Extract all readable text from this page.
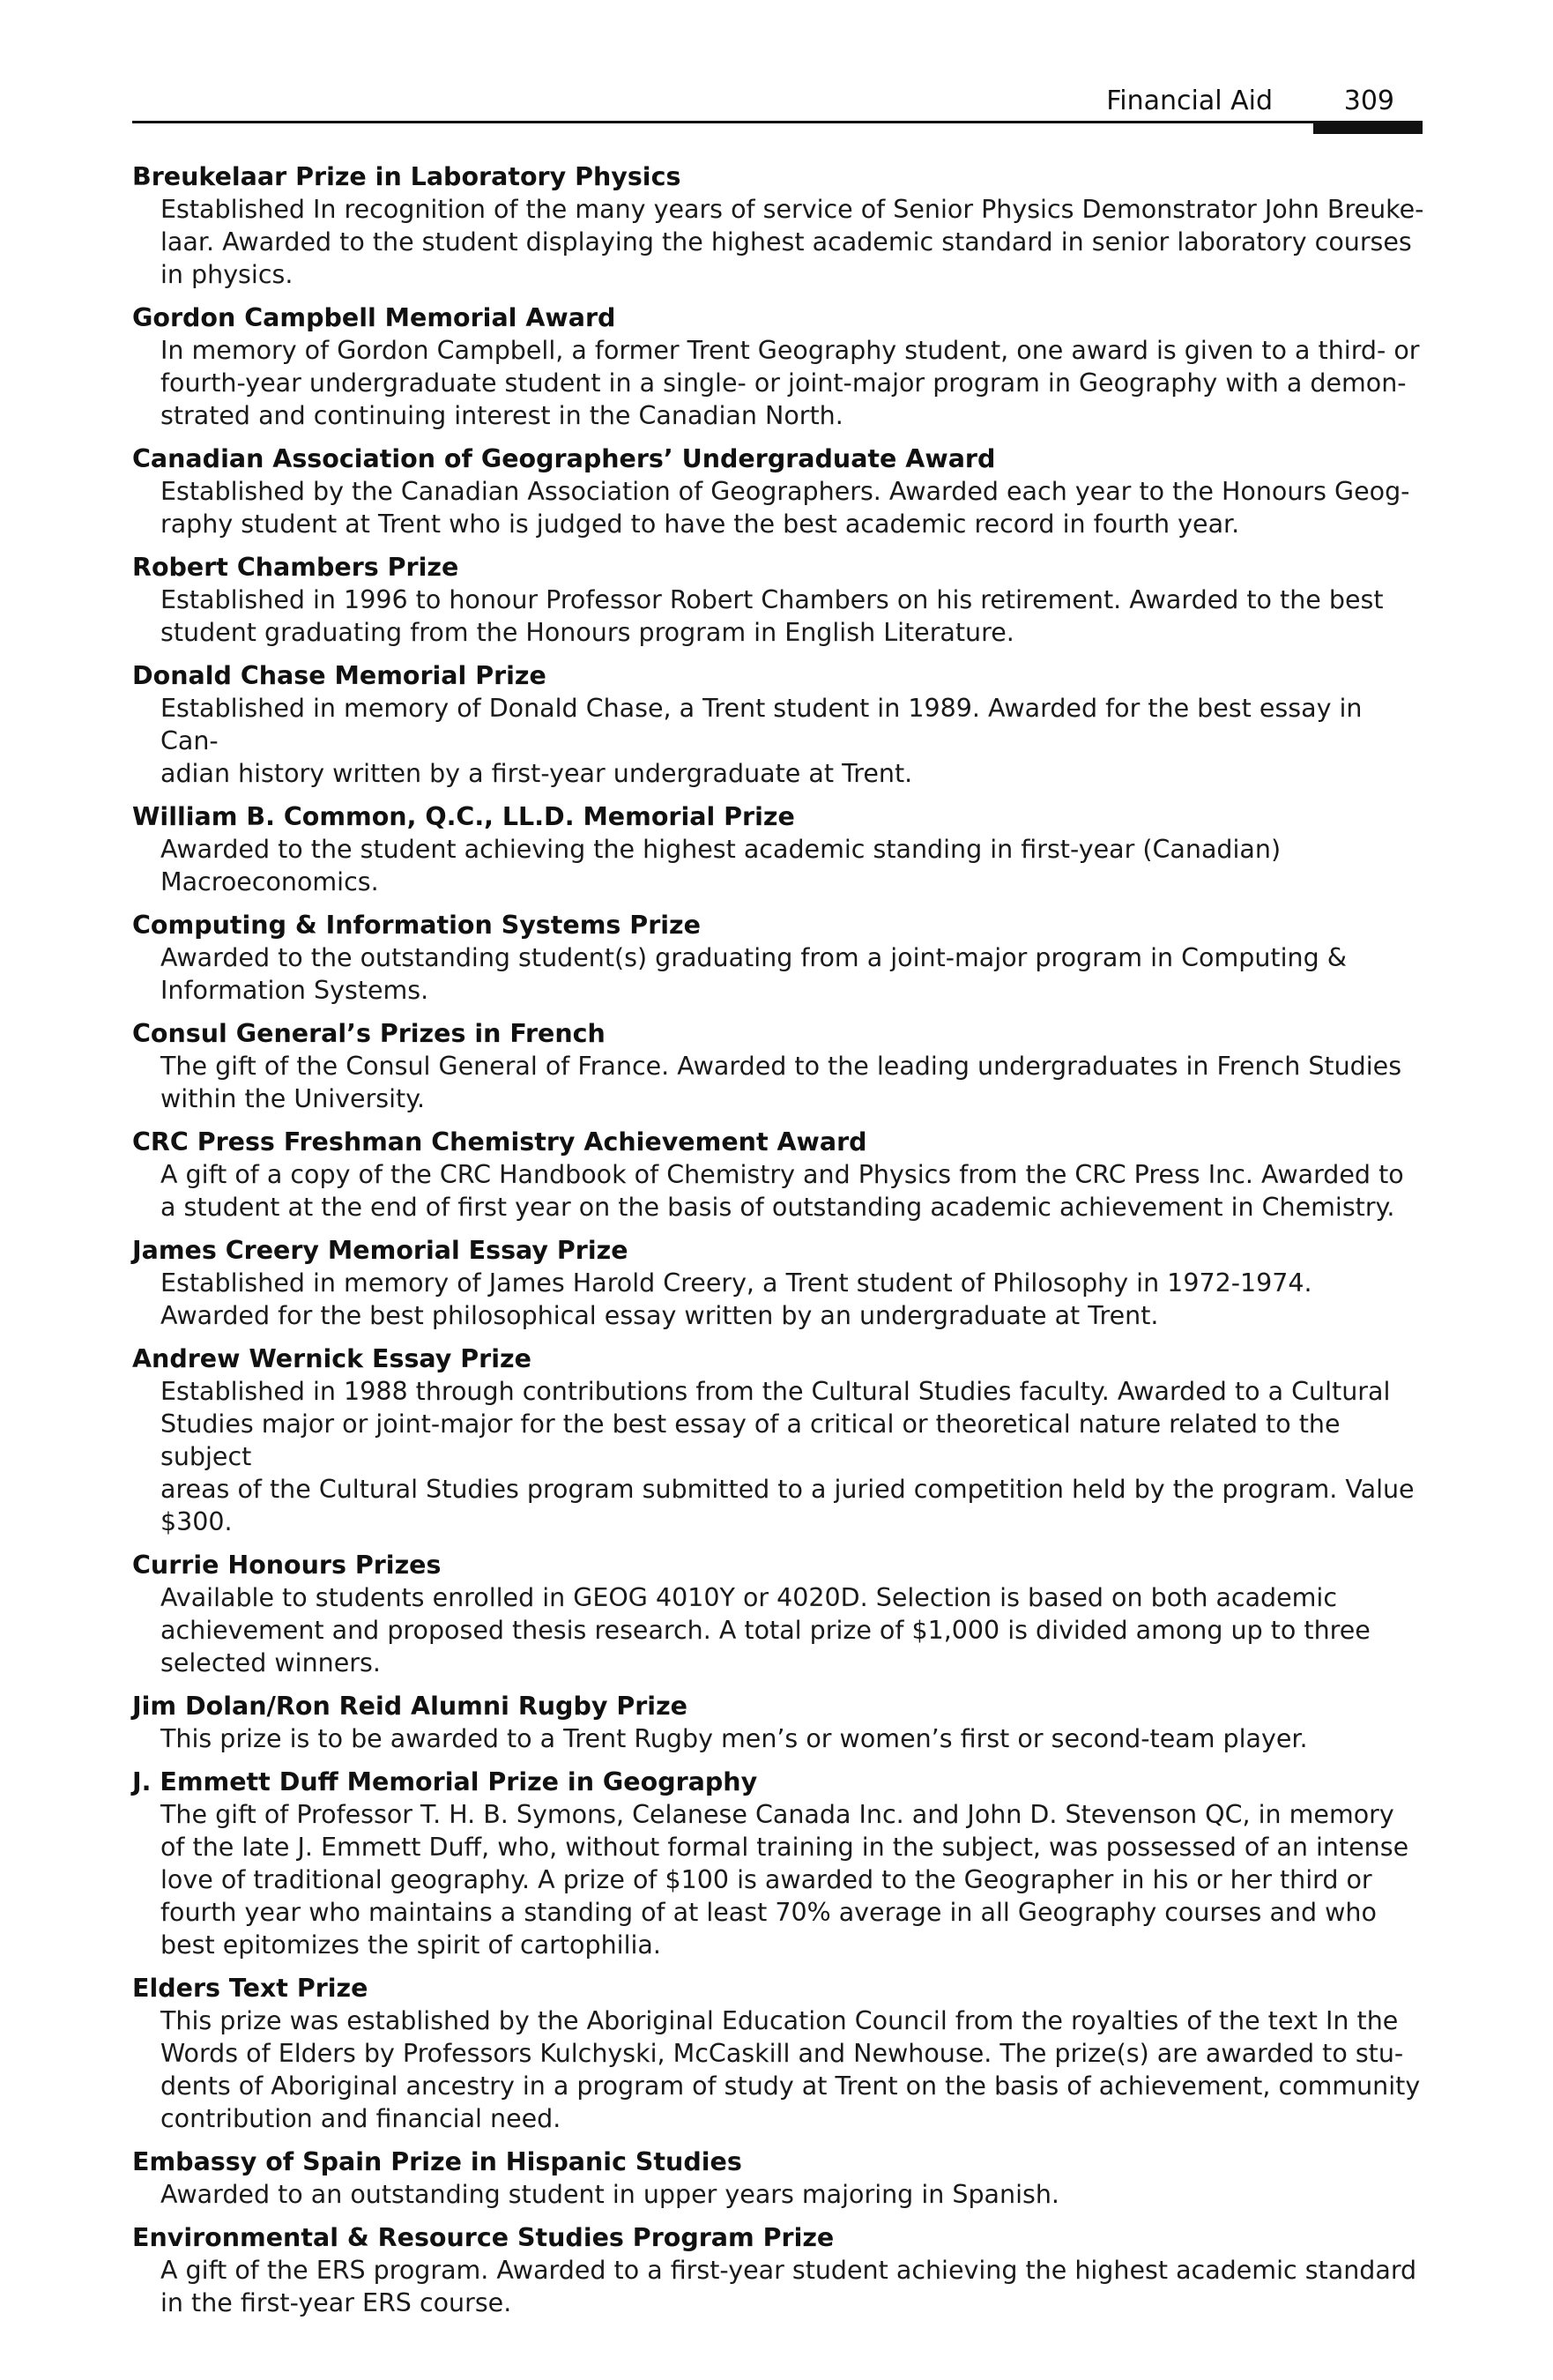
Financial Aid	309
Breukelaar Prize in Laboratory Physics
Established In recognition of the many years of service of Senior Physics Demonstrator John Breuke-
laar. Awarded to the student displaying the highest academic standard in senior laboratory courses
in physics.
Gordon Campbell Memorial Award
In memory of Gordon Campbell, a former Trent Geography student, one award is given to a third- or
fourth-year undergraduate student in a single- or joint-major program in Geography with a demon-
strated and continuing interest in the Canadian North.
Canadian Association of Geographers’ Undergraduate Award
Established by the Canadian Association of Geographers. Awarded each year to the Honours Geog-
raphy student at Trent who is judged to have the best academic record in fourth year.
Robert Chambers Prize
Established in 1996 to honour Professor Robert Chambers on his retirement. Awarded to the best
student graduating from the Honours program in English Literature.
Donald Chase Memorial Prize
Established in memory of Donald Chase, a Trent student in 1989. Awarded for the best essay in Can-
adian history written by a first-year undergraduate at Trent.
William B. Common, Q.C., LL.D. Memorial Prize
Awarded to the student achieving the highest academic standing in first-year (Canadian)
Macroeconomics.
Computing & Information Systems Prize
Awarded to the outstanding student(s) graduating from a joint-major program in Computing &
Information Systems.
Consul General’s Prizes in French
The gift of the Consul General of France. Awarded to the leading undergraduates in French Studies
within the University.
CRC Press Freshman Chemistry Achievement Award
A gift of a copy of the CRC Handbook of Chemistry and Physics from the CRC Press Inc. Awarded to
a student at the end of first year on the basis of outstanding academic achievement in Chemistry.
James Creery Memorial Essay Prize
Established in memory of James Harold Creery, a Trent student of Philosophy in 1972-1974.
Awarded for the best philosophical essay written by an undergraduate at Trent.
Andrew Wernick Essay Prize
Established in 1988 through contributions from the Cultural Studies faculty. Awarded to a Cultural
Studies major or joint-major for the best essay of a critical or theoretical nature related to the subject
areas of the Cultural Studies program submitted to a juried competition held by the program. Value
$300.
Currie Honours Prizes
Available to students enrolled in GEOG 4010Y or 4020D. Selection is based on both academic
achievement and proposed thesis research. A total prize of $1,000 is divided among up to three
selected winners.
Jim Dolan/Ron Reid Alumni Rugby Prize
This prize is to be awarded to a Trent Rugby men’s or women’s first or second-team player.
J. Emmett Duff Memorial Prize in Geography
The gift of Professor T. H. B. Symons, Celanese Canada Inc. and John D. Stevenson QC, in memory
of the late J. Emmett Duff, who, without formal training in the subject, was possessed of an intense
love of traditional geography. A prize of $100 is awarded to the Geographer in his or her third or
fourth year who maintains a standing of at least 70% average in all Geography courses and who
best epitomizes the spirit of cartophilia.
Elders Text Prize
This prize was established by the Aboriginal Education Council from the royalties of the text In the
Words of Elders by Professors Kulchyski, McCaskill and Newhouse. The prize(s) are awarded to stu-
dents of Aboriginal ancestry in a program of study at Trent on the basis of achievement, community
contribution and financial need.
Embassy of Spain Prize in Hispanic Studies
Awarded to an outstanding student in upper years majoring in Spanish.
Environmental & Resource Studies Program Prize
A gift of the ERS program. Awarded to a first-year student achieving the highest academic standard
in the first-year ERS course.
